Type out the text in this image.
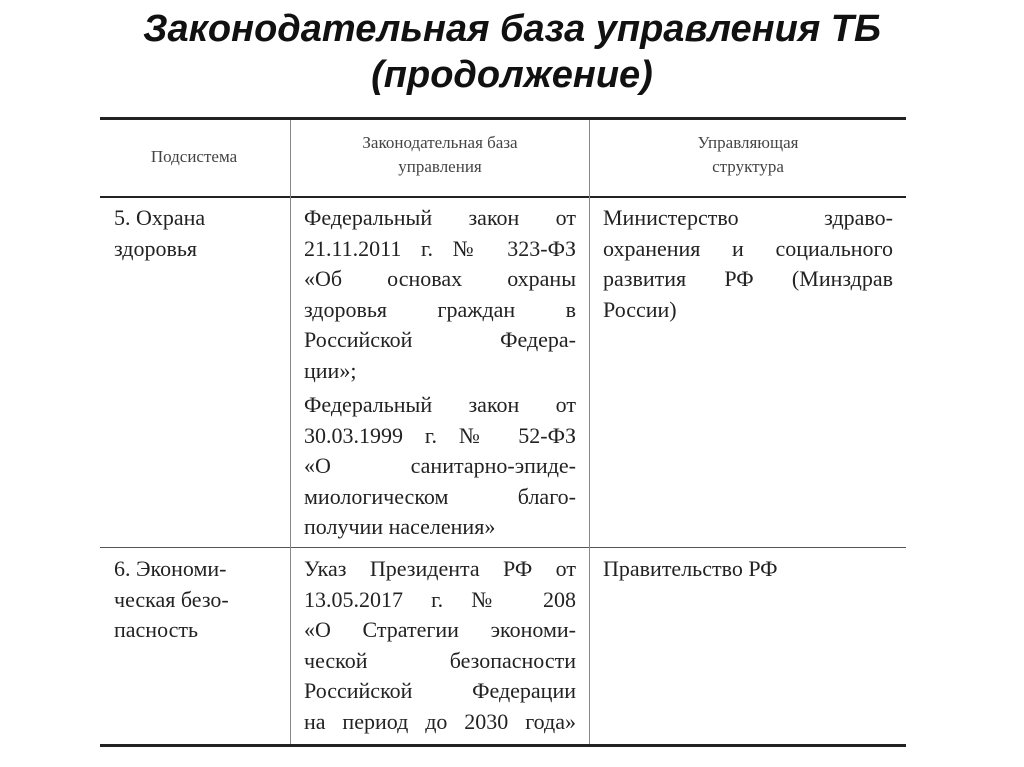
Законодательная база управления ТБ
(продолжение)
Подсистема
Законодательная база
управления
Управляющая
структура
5. Охрана
здоровья
Федеральный закон от
21.11.2011 г. № 323-ФЗ
«Об основах охраны
здоровья граждан в
Российской Федера-
ции»;
Федеральный закон от
30.03.1999 г. № 52-ФЗ
«О санитарно-эпиде-
миологическом благо-
получии населения»
Министерство здраво-
охранения и социального
развития РФ (Минздрав
России)
6. Экономи-
ческая безо-
пасность
Указ Президента РФ от
13.05.2017 г. № 208
«О Стратегии экономи-
ческой безопасности
Российской Федерации
на период до 2030 года»
Правительство РФ
